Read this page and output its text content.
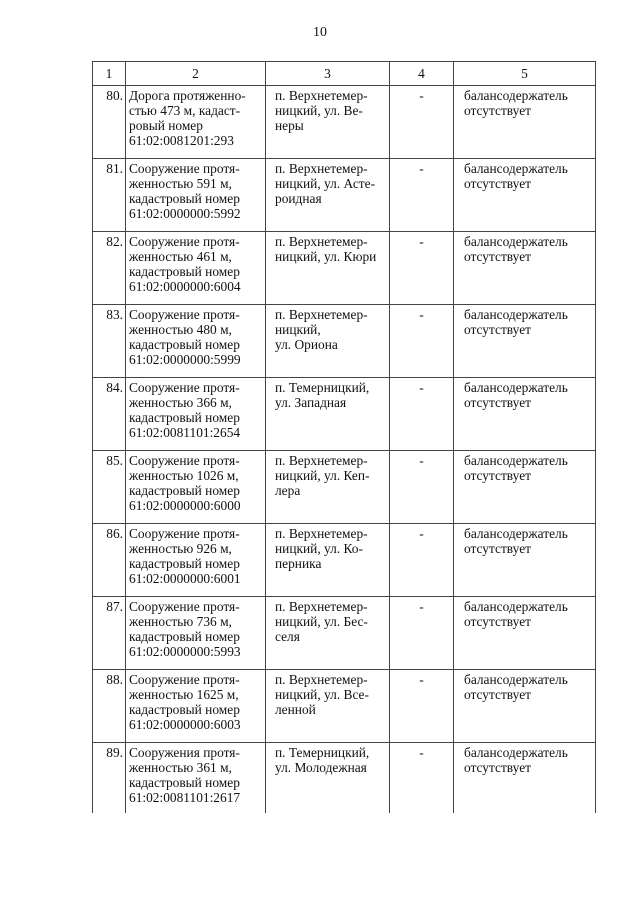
10
1	2	3	4	5
80.	Дорога протяженно-
стью 473 м, кадаст-
ровый номер
61:02:0081201:293	п. Верхнетемер-
ницкий, ул. Ве-
неры	-	балансодержатель
отсутствует

81.	Сооружение протя-
женностью 591 м,
кадастровый номер
61:02:0000000:5992	п. Верхнетемер-
ницкий, ул. Асте-
роидная	-	балансодержатель
отсутствует

82.	Сооружение протя-
женностью 461 м,
кадастровый номер
61:02:0000000:6004	п. Верхнетемер-
ницкий, ул. Кюри	-	балансодержатель
отсутствует

83.	Сооружение протя-
женностью 480 м,
кадастровый номер
61:02:0000000:5999	п. Верхнетемер-
ницкий,
ул. Ориона	-	балансодержатель
отсутствует

84.	Сооружение протя-
женностью 366 м,
кадастровый номер
61:02:0081101:2654	п. Темерницкий,
ул. Западная	-	балансодержатель
отсутствует

85.	Сооружение протя-
женностью 1026 м,
кадастровый номер
61:02:0000000:6000	п. Верхнетемер-
ницкий, ул. Кеп-
лера	-	балансодержатель
отсутствует

86.	Сооружение протя-
женностью 926 м,
кадастровый номер
61:02:0000000:6001	п. Верхнетемер-
ницкий, ул. Ко-
перника	-	балансодержатель
отсутствует

87.	Сооружение протя-
женностью 736 м,
кадастровый номер
61:02:0000000:5993	п. Верхнетемер-
ницкий, ул. Бес-
селя	-	балансодержатель
отсутствует

88.	Сооружение протя-
женностью 1625 м,
кадастровый номер
61:02:0000000:6003	п. Верхнетемер-
ницкий, ул. Все-
ленной	-	балансодержатель
отсутствует

89.	Сооружения протя-
женностью 361 м,
кадастровый номер
61:02:0081101:2617	п. Темерницкий,
ул. Молодежная	-	балансодержатель
отсутствует
